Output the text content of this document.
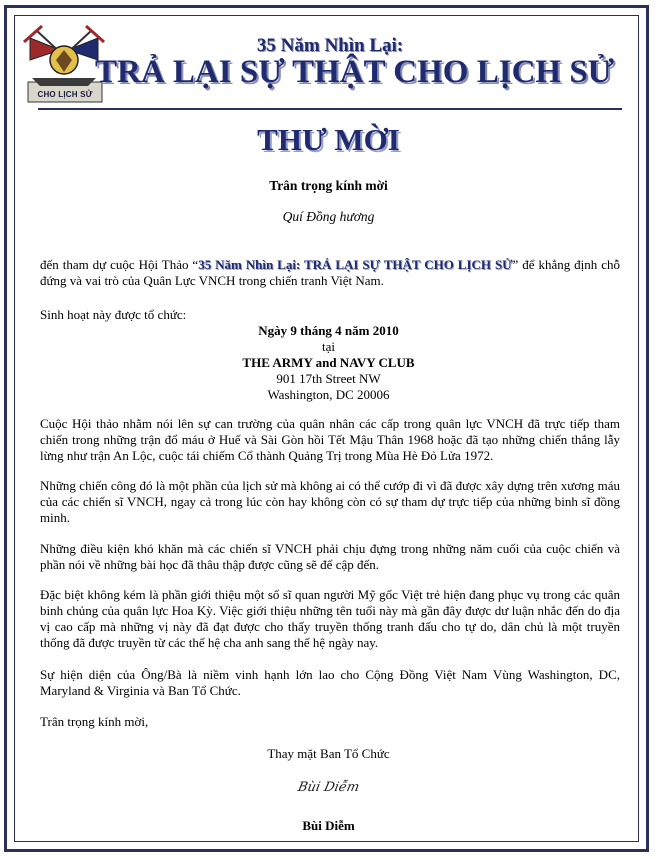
CHO LỊCH SỬ
35 Năm Nhìn Lại:
TRẢ LẠI SỰ THẬT CHO LỊCH SỬ
THƯ MỜI
Trân trọng kính mời
Quí Đồng hương
đến tham dự cuộc Hội Thảo “35 Năm Nhìn Lại: TRẢ LẠI SỰ THẬT CHO LỊCH SỬ” để khẳng định chỗ đứng và vai trò của Quân Lực VNCH trong chiến tranh Việt Nam.
Sinh hoạt này được tổ chức:
Ngày 9 tháng 4 năm 2010
tại
THE ARMY and NAVY CLUB
901 17th Street NW
Washington, DC 20006
Cuộc Hội thảo nhằm nói lên sự can trường của quân nhân các cấp trong quân lực VNCH đã trực tiếp tham chiến trong những trận đổ máu ở Huế và Sài Gòn hồi Tết Mậu Thân 1968 hoặc đã tạo những chiến thắng lẫy lừng như trận An Lộc, cuộc tái chiếm Cổ thành Quảng Trị trong Mùa Hè Đỏ Lửa 1972.
Những chiến công đó là một phần của lịch sử mà không ai có thể cướp đi vì đã được xây dựng trên xương máu của các chiến sĩ VNCH, ngay cả trong lúc còn hay không còn có sự tham dự trực tiếp của những binh sĩ đồng minh.
Những điều kiện khó khăn mà các chiến sĩ VNCH phải chịu đựng trong những năm cuối của cuộc chiến và phần nói về những bài học đã thâu thập được cũng sẽ để cập đến.
Đặc biệt không kém là phần giới thiệu một số sĩ quan người Mỹ gốc Việt trẻ hiện đang phục vụ trong các quân binh chủng của quân lực Hoa Kỳ. Việc giới thiệu những tên tuổi này mà gần đây được dư luận nhắc đến do địa vị cao cấp mà những vị này đã đạt được cho thấy truyền thống tranh đấu cho tự do, dân chủ là một truyền thống đã được truyền từ các thế hệ cha anh sang thế hệ ngày nay.
Sự hiện diện của Ông/Bà là niềm vinh hạnh lớn lao cho Cộng Đồng Việt Nam Vùng Washington, DC, Maryland & Virginia và Ban Tổ Chức.
Trân trọng kính mời,
Thay mặt Ban Tổ Chức
Bùi Diễm
Bùi Diễm
